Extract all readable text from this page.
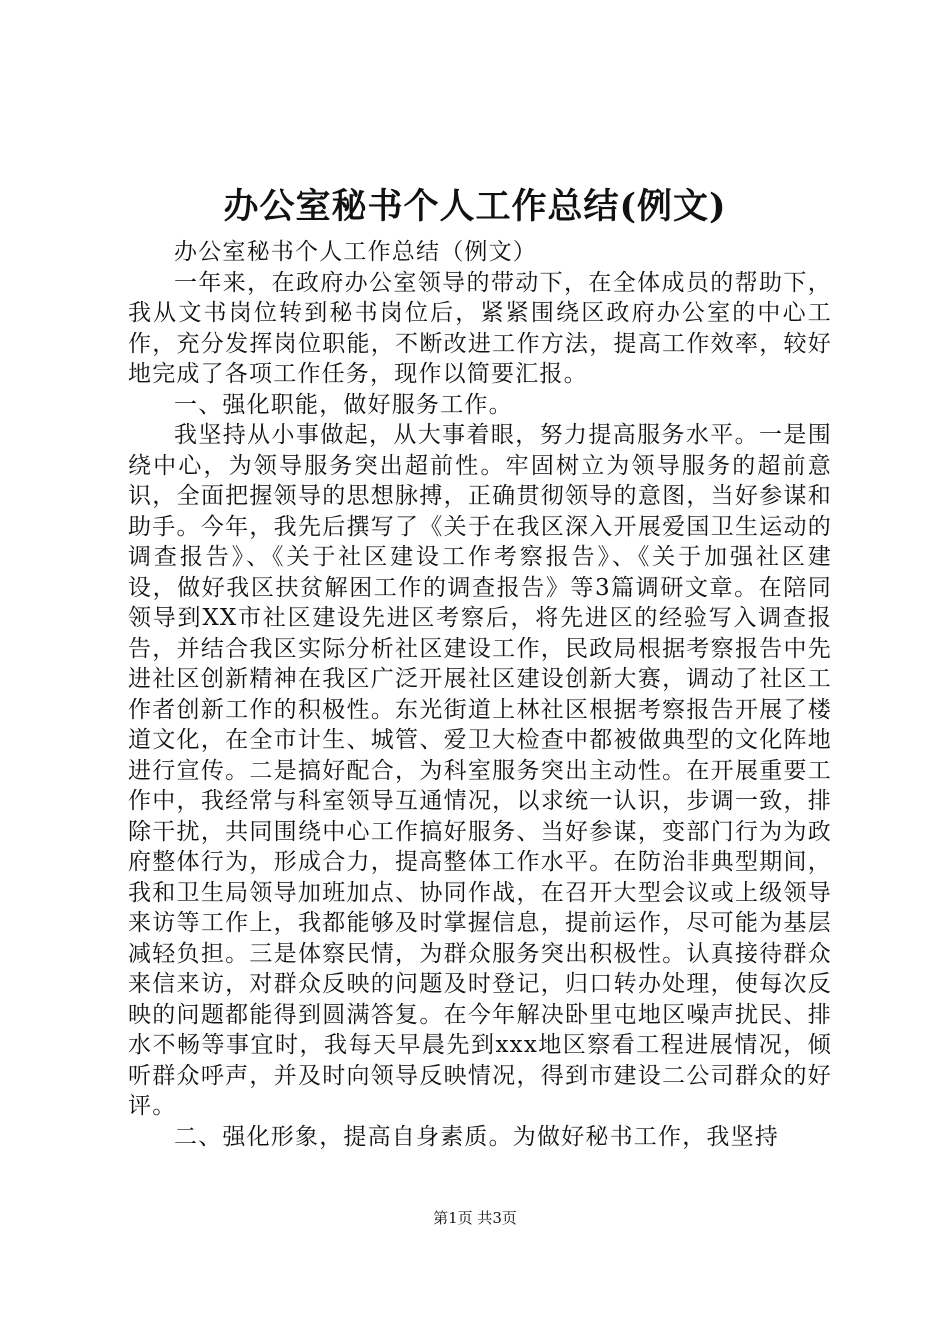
办公室秘书个人工作总结(例文)

办公室秘书个人工作总结（例文）

一年来，在政府办公室领导的带动下，在全体成员的帮助下，我从文书岗位转到秘书岗位后，紧紧围绕区政府办公室的中心工作，充分发挥岗位职能，不断改进工作方法，提高工作效率，较好地完成了各项工作任务，现作以简要汇报。

一、强化职能，做好服务工作。

我坚持从小事做起，从大事着眼，努力提高服务水平。一是围绕中心，为领导服务突出超前性。牢固树立为领导服务的超前意识，全面把握领导的思想脉搏，正确贯彻领导的意图，当好参谋和助手。今年，我先后撰写了《关于在我区深入开展爱国卫生运动的调查报告》、《关于社区建设工作考察报告》、《关于加强社区建设，做好我区扶贫解困工作的调查报告》等3篇调研文章。在陪同领导到XX市社区建设先进区考察后，将先进区的经验写入调查报告，并结合我区实际分析社区建设工作，民政局根据考察报告中先进社区创新精神在我区广泛开展社区建设创新大赛，调动了社区工作者创新工作的积极性。东光街道上林社区根据考察报告开展了楼道文化，在全市计生、城管、爱卫大检查中都被做典型的文化阵地进行宣传。二是搞好配合，为科室服务突出主动性。在开展重要工作中，我经常与科室领导互通情况，以求统一认识，步调一致，排除干扰，共同围绕中心工作搞好服务、当好参谋，变部门行为为政府整体行为，形成合力，提高整体工作水平。在防治非典型期间，我和卫生局领导加班加点、协同作战，在召开大型会议或上级领导来访等工作上，我都能够及时掌握信息，提前运作，尽可能为基层减轻负担。三是体察民情，为群众服务突出积极性。认真接待群众来信来访，对群众反映的问题及时登记，归口转办处理，使每次反映的问题都能得到圆满答复。在今年解决卧里屯地区噪声扰民、排水不畅等事宜时，我每天早晨先到xxx地区察看工程进展情况，倾听群众呼声，并及时向领导反映情况，得到市建设二公司群众的好评。

二、强化形象，提高自身素质。为做好秘书工作，我坚持

第1页 共3页
